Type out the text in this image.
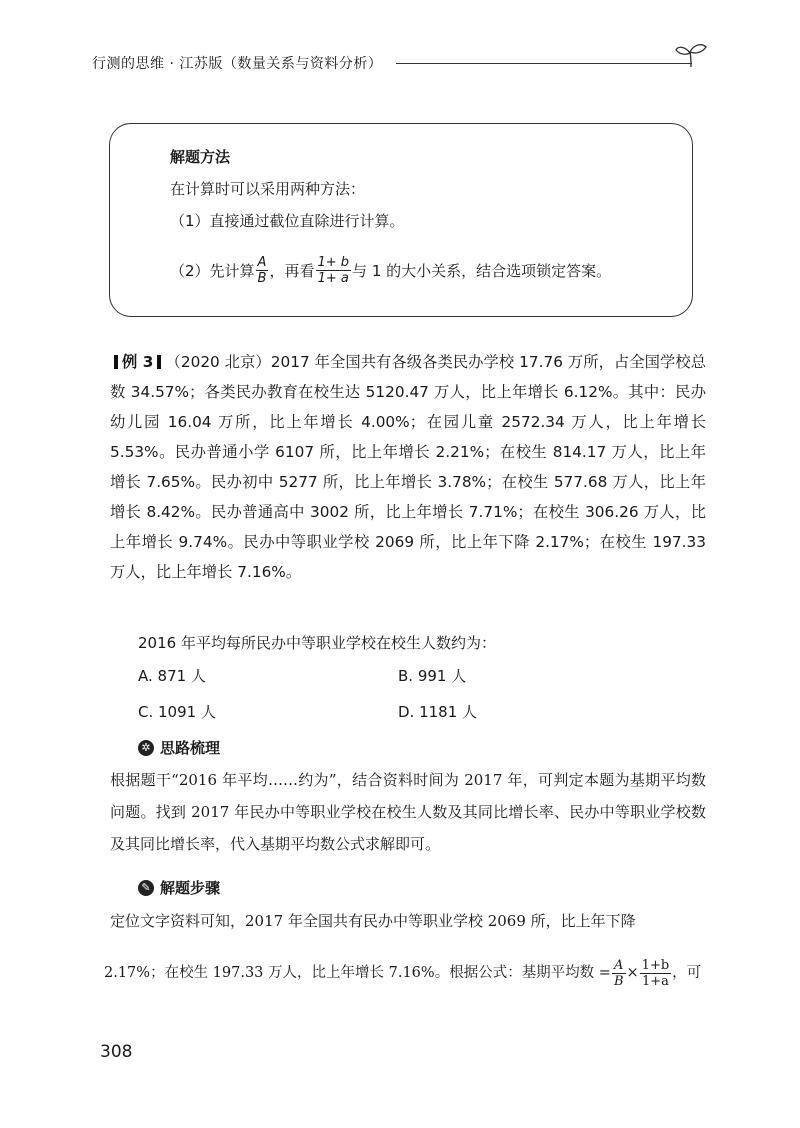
行测的思维 · 江苏版（数量关系与资料分析）
解题方法
在计算时可以采用两种方法：
（1）直接通过截位直除进行计算。
（2）先计算 $\frac{A}{B}$ ，再看 $\frac{1+ b}{1+ a}$ 与 1 的大小关系，结合选项锁定答案。
例 3 （2020 北京）2017 年全国共有各级各类民办学校 17.76 万所，占全国学校总数 34.57%；各类民办教育在校生达 5120.47 万人，比上年增长 6.12%。其中：民办幼儿园 16.04 万所，比上年增长 4.00%；在园儿童 2572.34 万人，比上年增长 5.53%。民办普通小学 6107 所，比上年增长 2.21%；在校生 814.17 万人，比上年增长 7.65%。民办初中 5277 所，比上年增长 3.78%；在校生 577.68 万人，比上年增长 8.42%。民办普通高中 3002 所，比上年增长 7.71%；在校生 306.26 万人，比上年增长 9.74%。民办中等职业学校 2069 所，比上年下降 2.17%；在校生 197.33 万人，比上年增长 7.16%。
2016 年平均每所民办中等职业学校在校生人数约为：
A. 871 人	B. 991 人
C. 1091 人	D. 1181 人
✲ 思路梳理
根据题干“2016 年平均……约为”，结合资料时间为 2017 年，可判定本题为基期平均数问题。找到 2017 年民办中等职业学校在校生人数及其同比增长率、民办中等职业学校数及其同比增长率，代入基期平均数公式求解即可。
✎ 解题步骤
定位文字资料可知，2017 年全国共有民办中等职业学校 2069 所，比上年下降
2.17%；在校生 197.33 万人，比上年增长 7.16%。根据公式：基期平均数 = $\frac{A}{B} \times \frac{1+b}{1+a}$ ，可
308
